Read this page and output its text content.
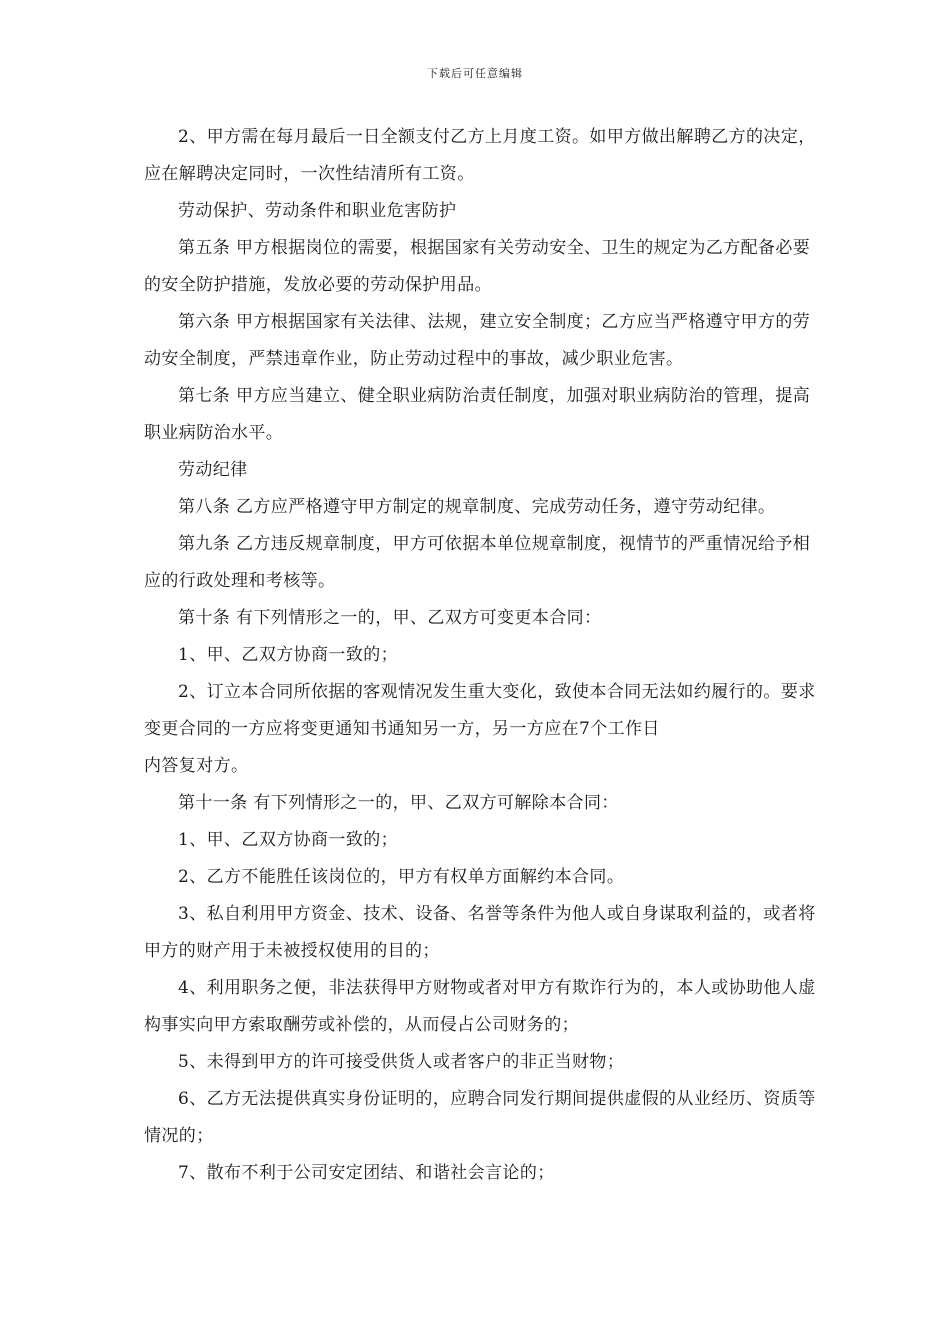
下载后可任意编辑

2、甲方需在每月最后一日全额支付乙方上月度工资。如甲方做出解聘乙方的决定，应在解聘决定同时，一次性结清所有工资。

劳动保护、劳动条件和职业危害防护

第五条 甲方根据岗位的需要，根据国家有关劳动安全、卫生的规定为乙方配备必要的安全防护措施，发放必要的劳动保护用品。

第六条 甲方根据国家有关法律、法规，建立安全制度；乙方应当严格遵守甲方的劳动安全制度，严禁违章作业，防止劳动过程中的事故，减少职业危害。

第七条 甲方应当建立、健全职业病防治责任制度，加强对职业病防治的管理，提高职业病防治水平。

劳动纪律

第八条 乙方应严格遵守甲方制定的规章制度、完成劳动任务，遵守劳动纪律。

第九条 乙方违反规章制度，甲方可依据本单位规章制度，视情节的严重情况给予相应的行政处理和考核等。

第十条 有下列情形之一的，甲、乙双方可变更本合同：

1、甲、乙双方协商一致的；

2、订立本合同所依据的客观情况发生重大变化，致使本合同无法如约履行的。要求变更合同的一方应将变更通知书通知另一方，另一方应在7个工作日

内答复对方。

第十一条 有下列情形之一的，甲、乙双方可解除本合同：

1、甲、乙双方协商一致的；

2、乙方不能胜任该岗位的，甲方有权单方面解约本合同。

3、私自利用甲方资金、技术、设备、名誉等条件为他人或自身谋取利益的，或者将甲方的财产用于未被授权使用的目的；

4、利用职务之便，非法获得甲方财物或者对甲方有欺诈行为的，本人或协助他人虚构事实向甲方索取酬劳或补偿的，从而侵占公司财务的；

5、未得到甲方的许可接受供货人或者客户的非正当财物；

6、乙方无法提供真实身份证明的，应聘合同发行期间提供虚假的从业经历、资质等情况的；

7、散布不利于公司安定团结、和谐社会言论的；
